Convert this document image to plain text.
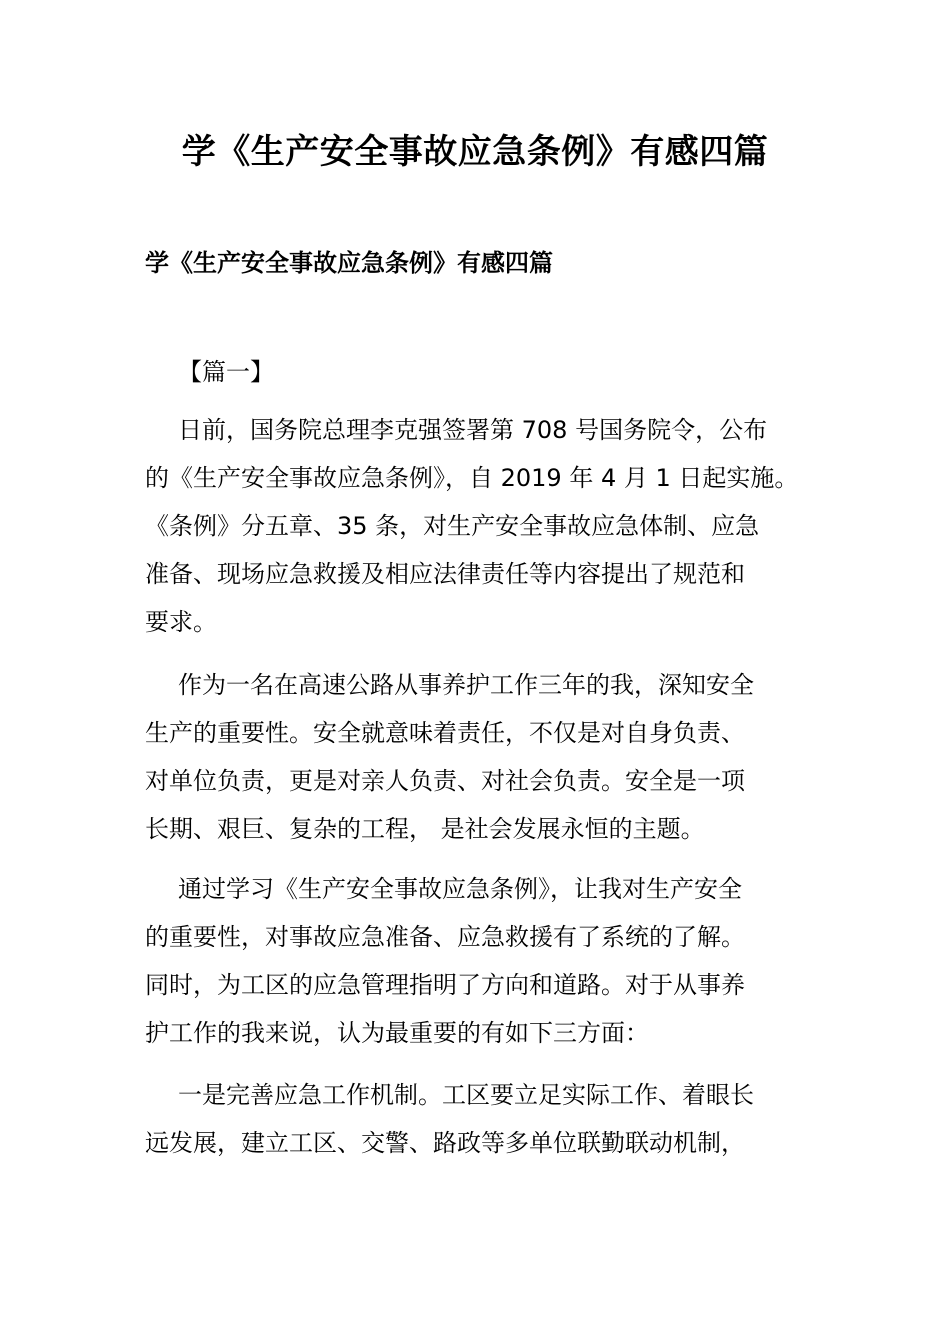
学《生产安全事故应急条例》有感四篇
学《生产安全事故应急条例》有感四篇

【篇一】

日前，国务院总理李克强签署第 708 号国务院令，公布
的《生产安全事故应急条例》，自 2019 年 4 月 1 日起实施。
《条例》分五章、35 条，对生产安全事故应急体制、应急
准备、现场应急救援及相应法律责任等内容提出了规范和
要求。

作为一名在高速公路从事养护工作三年的我，深知安全
生产的重要性。安全就意味着责任，不仅是对自身负责、
对单位负责，更是对亲人负责、对社会负责。安全是一项
长期、艰巨、复杂的工程， 是社会发展永恒的主题。

通过学习《生产安全事故应急条例》，让我对生产安全
的重要性，对事故应急准备、应急救援有了系统的了解。
同时，为工区的应急管理指明了方向和道路。对于从事养
护工作的我来说，认为最重要的有如下三方面：

一是完善应急工作机制。工区要立足实际工作、着眼长
远发展，建立工区、交警、路政等多单位联勤联动机制，
